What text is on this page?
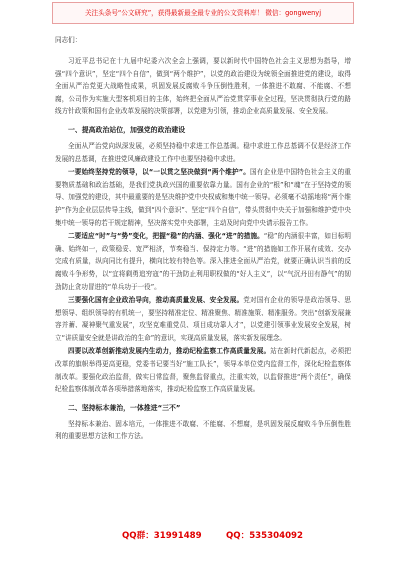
关注头条号“公文研究”，获得最新最全最专业的公文资料库！ 微信：gongwenyj
同志们：

习近平总书记在十九届中纪委六次全会上强调，要以新时代中国特色社会主义思想为指导，增强“四个意识”，坚定“四个自信”，做到“两个维护”，以党的政治建设为统领全面推进党的建设，取得全面从严治党更大战略性成果，巩固发展反腐败斗争压倒性胜利，一体推进不敢腐、不能腐、不想腐，公司作为实施大型客机项目的主体，始终把全面从严治党贯穿事业全过程，坚决贯彻执行党的路线方针政策和国有企业改革发展的决策部署，以党建为引领，推动企业高质量发展、安全发展。

一、提高政治站位，加强党的政治建设

全面从严治党向纵深发展，必须坚持稳中求进工作总基调。稳中求进工作总基调不仅是经济工作发展的总基调，在推进党风廉政建设工作中也要坚持稳中求进。

一要始终坚持党的领导，以“一以贯之坚决做到“两个维护”。国有企业是中国特色社会主义的重要物质基础和政治基础，是我们党执政兴国的重要依靠力量。国有企业的“根”和“魂”在于坚持党的领导、加强党的建设，其中最重要的是坚决维护党中央权威和集中统一领导。必须毫不动摇地将“两个维护”作为企业层层传导主线，做到“四个意识”、坚定“四个自信”，带头贯彻中央关于加强和维护党中央集中统一领导的若干规定精神，坚决落实党中央部署，主动及时向党中央请示报告工作。

二要适应“时”与“势”变化，把握“稳”的内涵、强化“进”的措施。“稳”的内涵很丰富，如目标明确、始终如一，政策稳妥、宽严相济，节奏稳当、保持定力等。“进”的措施如工作开展有成效、交办完成有质量，纵向同比有提升，横向比较有特色等。深入推进全面从严治党，就要正确认识当前的反腐败斗争形势，以“宜将剩勇追穷寇”的干劲防止利用职权做的“好人主义”，以“气沉丹田有静气”的韧劲防止贪功冒进的“单兵功于一役”。

三要强化国有企业政治导向，推动高质量发展、安全发展。党对国有企业的领导是政治领导、思想领导、组织领导的有机统一，要坚持精准定位、精准聚焦、精准施策、精准服务。突出“创新发展兼容并蓄、凝神聚气重发展”，攻坚克难重党员、项目成功靠人才”，以党建引领事业发展安全发展，树立“讲质量安全就是讲政治的生命”的意识，实现高质量发展，落实新发展理念。

四要以改革创新推动发展内生动力，推动纪检监察工作高质量发展。站在新时代新起点，必须把改革的旗帜举得更高更稳，党委书记要当好“施工队长”，领导本单位党内监督工作，深化纪检监察体制改革。要强化政治监督，做实日常监督，聚焦监督重点，注重实效，以监督推进“两个责任”，确保纪检监察体制改革各项举措落地落实，推动纪检监察工作高质量发展。

二、坚持标本兼治，一体推进“三不”

坚持标本兼治、固本培元，一体推进不敢腐、不能腐、不想腐，是巩固发展反腐败斗争压倒性胜利的重要思想方法和工作方法。

QQ群：31991489	QQ：535304092
